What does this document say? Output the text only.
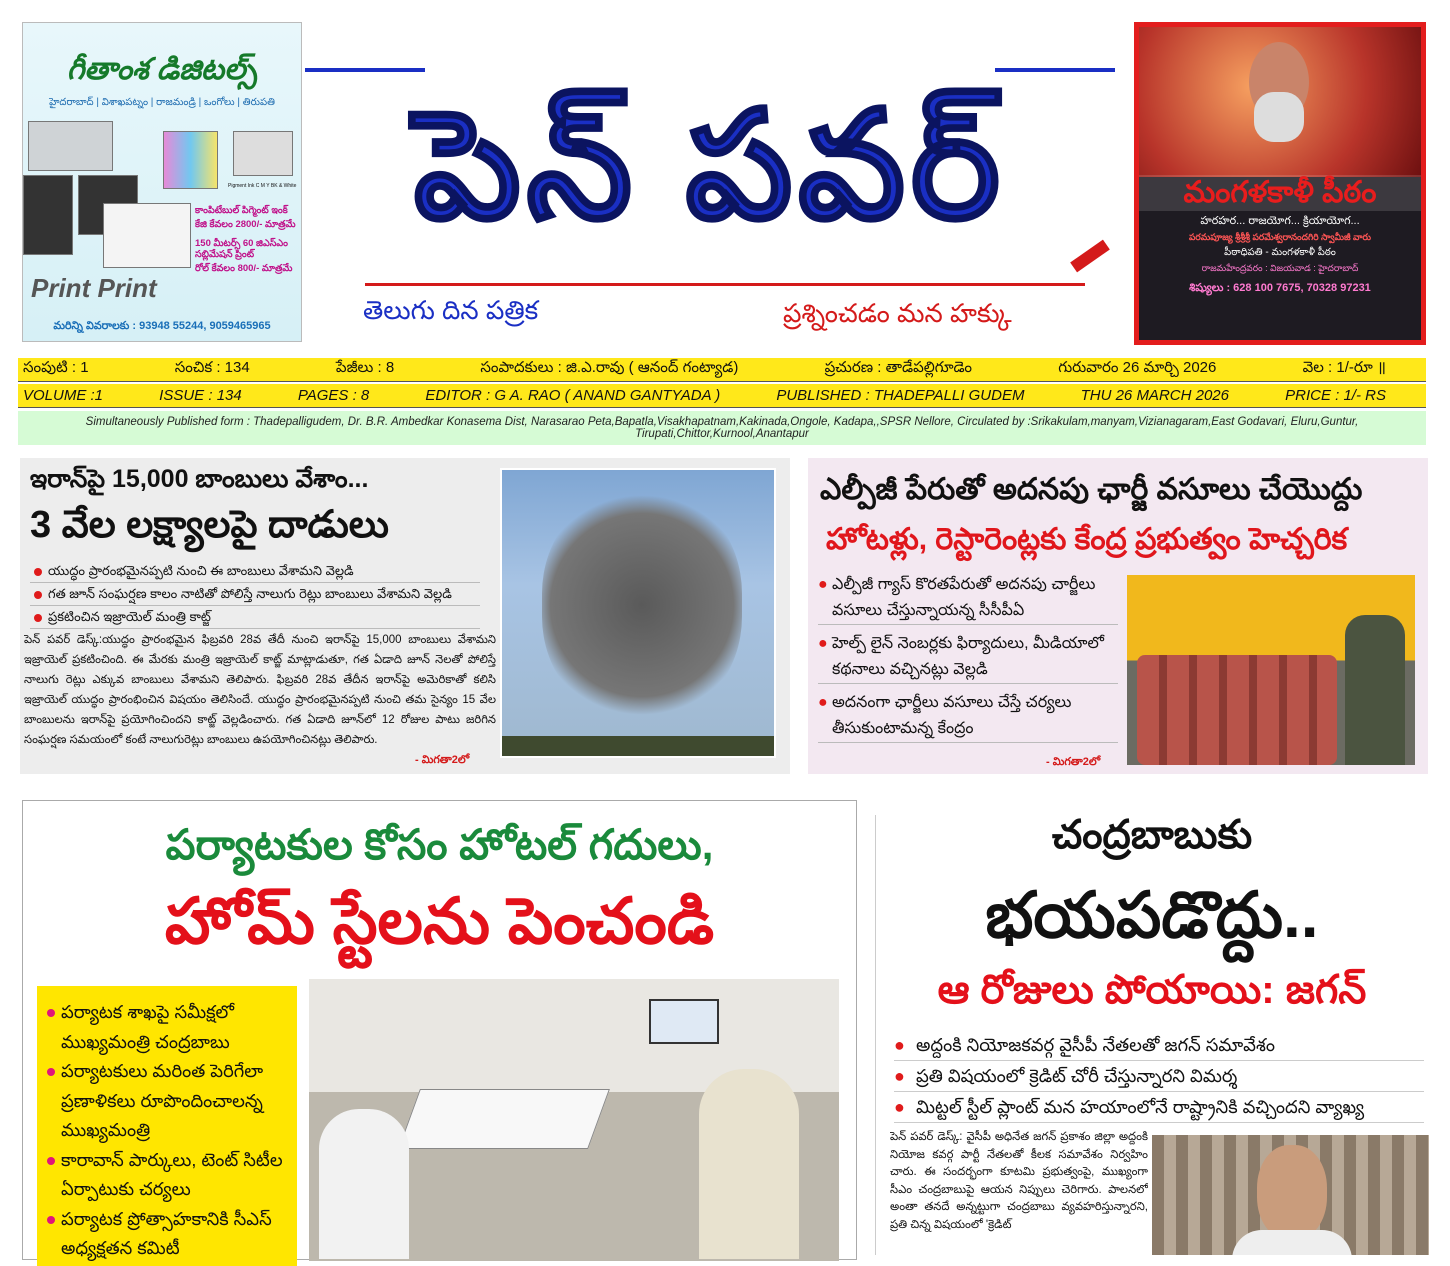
గీతాంశ డిజిటల్స్
హైదరాబాద్ | విశాఖపట్నం | రాజమండ్రి | ఒంగోలు | తిరుపతి
Pigment Ink C M Y BK & White
కాంపిటేబుల్ పిగ్మెంట్ ఇంక్
కేజి కేవలం 2800/- మాత్రమే
150 మీటర్స్ 60 జిఎస్ఎం సబ్లిమేషన్ ప్రింట్
రోల్ కేవలం 800/- మాత్రమే
Print Print
మరిన్ని వివరాలకు : 93948 55244, 9059465965
పెన్ పవర్
తెలుగు దిన పత్రిక	ప్రశ్నించడం మన హక్కు
మంగళకాళీ పీఠం
హరహర... రాజయోగ... క్రియాయోగ...
పరమపూజ్య శ్రీశ్రీశ్రీ పరమేశ్వరానందగిరి స్వామీజీ వారు
పీఠాధిపతి - మంగళకాళీ పీఠం
రాజమహేంద్రవరం : విజయవాడ : హైదరాబాద్
శిష్యులు : 628 100 7675, 70328 97231
సంపుటి : 1	సంచిక : 134	పేజీలు : 8	సంపాదకులు : జి.ఎ.రావు ( ఆనంద్ గంట్యాడ)	ప్రచురణ : తాడేపల్లిగూడెం	గురువారం 26 మార్చి 2026	వెల : 1/-రూ ॥
VOLUME :1	ISSUE : 134	PAGES : 8	EDITOR : G A. RAO ( ANAND GANTYADA )	PUBLISHED : THADEPALLI GUDEM	THU 26 MARCH 2026	PRICE : 1/- RS
Simultaneously Published form : Thadepalligudem, Dr. B.R. Ambedkar Konasema Dist, Narasarao Peta,Bapatla,Visakhapatnam,Kakinada,Ongole, Kadapa,,SPSR Nellore, Circulated by :Srikakulam,manyam,Vizianagaram,East Godavari, Eluru,Guntur, Tirupati,Chittor,Kurnool,Anantapur
ఇరాన్‌పై 15,000 బాంబులు వేశాం...
3 వేల లక్ష్యాలపై దాడులు
యుద్ధం ప్రారంభమైనప్పటి నుంచి ఈ బాంబులు వేశామని వెల్లడి
గత జూన్ సంఘర్షణ కాలం నాటితో పోలిస్తే నాలుగు రెట్లు బాంబులు వేశామని వెల్లడి
ప్రకటించిన ఇజ్రాయెల్ మంత్రి కాట్జ్
పెన్ పవర్ డెస్క్:యుద్ధం ప్రారంభమైన ఫిబ్రవరి 28వ తేదీ నుంచి ఇరాన్‌పై 15,000 బాంబులు వేశామని ఇజ్రాయెల్ ప్రకటించింది. ఈ మేరకు మంత్రి ఇజ్రాయెల్ కాట్జ్ మాట్లాడుతూ, గత ఏడాది జూన్ నెలతో పోలిస్తే నాలుగు రెట్లు ఎక్కువ బాంబులు వేశామని తెలిపారు. ఫిబ్రవరి 28వ తేదీన ఇరాన్‌పై అమెరికాతో కలిసి ఇజ్రాయెల్ యుద్ధం ప్రారంభించిన విషయం తెలిసిందే. యుద్ధం ప్రారంభమైనప్పటి నుంచి తమ సైన్యం 15 వేల బాంబులను ఇరాన్‌పై ప్రయోగించిందని కాట్జ్ వెల్లడించారు. గత ఏడాది జూన్‌లో 12 రోజుల పాటు జరిగిన సంఘర్షణ సమయంలో కంటే నాలుగురెట్లు బాంబులు ఉపయోగించినట్లు తెలిపారు.
- మిగతా2లో
ఎల్పీజీ పేరుతో అదనపు ఛార్జీ వసూలు చేయొద్దు
హోటళ్లు, రెస్టారెంట్లకు కేంద్ర ప్రభుత్వం హెచ్చరిక
● ఎల్పీజీ గ్యాస్ కొరతపేరుతో అదనపు చార్జీలు వసూలు చేస్తున్నాయన్న సీసీపీఏ
● హెల్ప్ లైన్ నెంబర్లకు ఫిర్యాదులు, మీడియాలో కథనాలు వచ్చినట్లు వెల్లడి
● అదనంగా ఛార్జీలు వసూలు చేస్తే చర్యలు తీసుకుంటామన్న కేంద్రం
- మిగతా2లో
పర్యాటకుల కోసం హోటల్ గదులు,
హోమ్ స్టేలను పెంచండి
పర్యాటక శాఖపై సమీక్షలో ముఖ్యమంత్రి చంద్రబాబు
పర్యాటకులు మరింత పెరిగేలా ప్రణాళికలు రూపొందించాలన్న ముఖ్యమంత్రి
కారావాన్ పార్కులు, టెంట్ సిటీల ఏర్పాటుకు చర్యలు
పర్యాటక ప్రోత్సాహకానికి సీఎస్ అధ్యక్షతన కమిటీ
చంద్రబాబుకు
భయపడొద్దు..
ఆ రోజులు పోయాయి: జగన్
● అద్దంకి నియోజకవర్గ వైసీపీ నేతలతో జగన్ సమావేశం
● ప్రతి విషయంలో క్రెడిట్ చోరీ చేస్తున్నారని విమర్శ
● మిట్టల్ స్టీల్ ప్లాంట్ మన హయాంలోనే రాష్ట్రానికి వచ్చిందని వ్యాఖ్య
పెన్ పవర్ డెస్క్: వైసీపీ అధినేత జగన్ ప్రకాశం జిల్లా అద్దంకి నియోజ కవర్గ పార్టీ నేతలతో కీలక సమావేశం నిర్వహిం చారు. ఈ సందర్భంగా కూటమి ప్రభుత్వంపై, ముఖ్యంగా సీఎం చంద్రబాబుపై ఆయన నిప్పులు చెరిగారు. పాలనలో అంతా తనదే అన్నట్టుగా చంద్రబాబు వ్యవహరిస్తున్నారని, ప్రతి చిన్న విషయంలో 'క్రెడిట్
